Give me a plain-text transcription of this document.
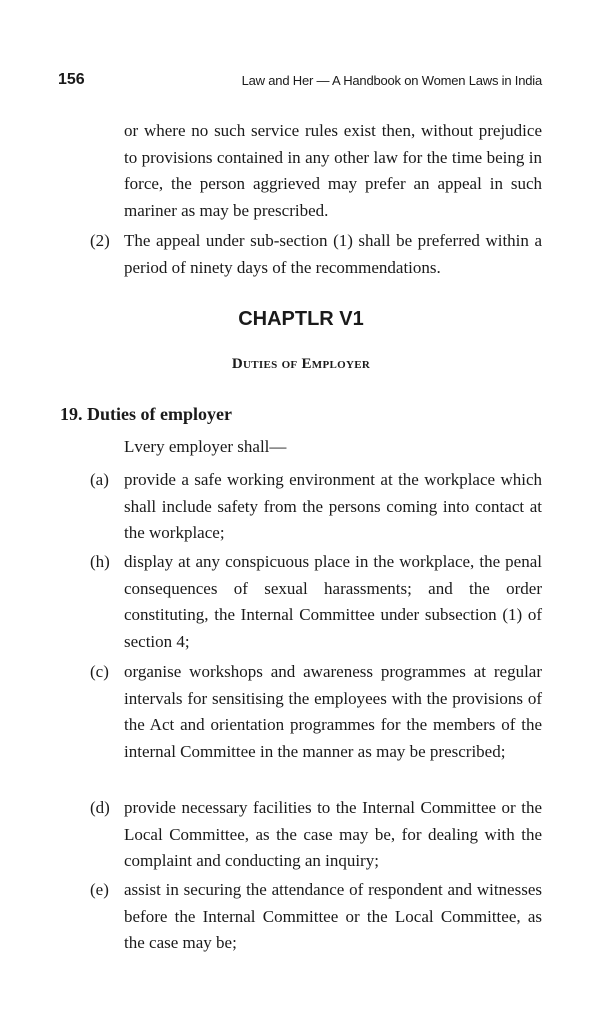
156	Law and Her — A Handbook on Women Laws in India
or where no such service rules exist then, without prejudice to provisions contained in any other law for the time being in force, the person aggrieved may prefer an appeal in such mariner as may be prescribed.
(2) The appeal under sub-section (1) shall be preferred within a period of ninety days of the recommendations.
CHAPTLR V1
Duties of Employer
19. Duties of employer
Lvery employer shall—
(a) provide a safe working environment at the workplace which shall include safety from the persons coming into contact at the workplace;
(h) display at any conspicuous place in the workplace, the penal consequences of sexual harassments; and the order constituting, the Internal Committee under subsection (1) of section 4;
(c) organise workshops and awareness programmes at regular intervals for sensitising the employees with the provisions of the Act and orientation programmes for the members of the internal Committee in the manner as may be prescribed;
(d) provide necessary facilities to the Internal Committee or the Local Committee, as the case may be, for dealing with the complaint and conducting an inquiry;
(e) assist in securing the attendance of respondent and witnesses before the Internal Committee or the Local Committee, as the case may be;
